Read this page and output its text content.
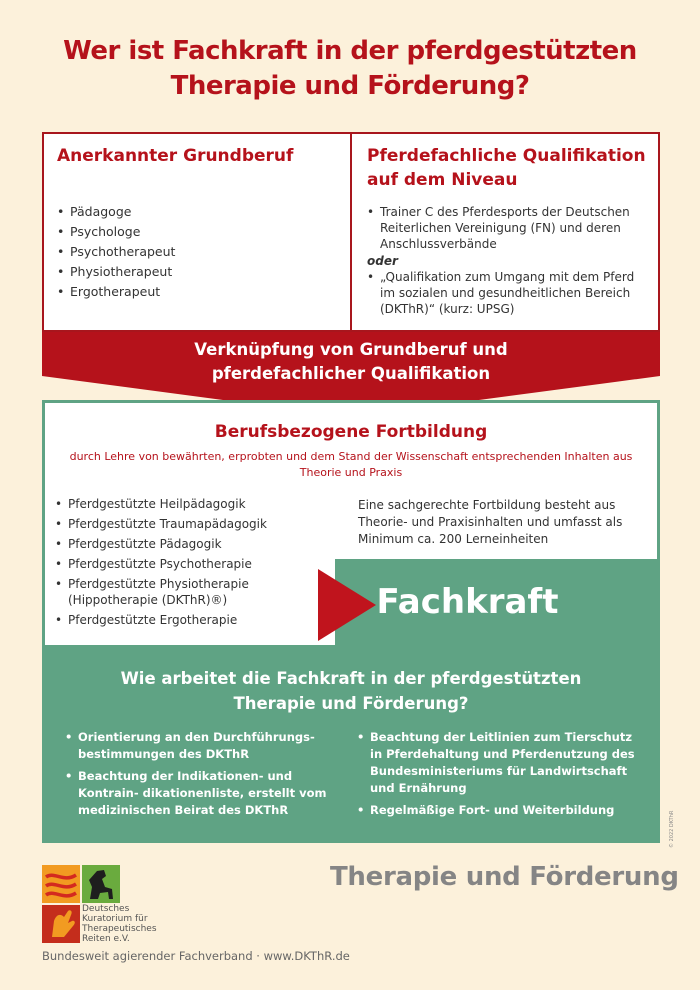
Wer ist Fachkraft in der pferdgestützten
Therapie und Förderung?
Anerkannter Grundberuf
• Pädagoge
• Psychologe
• Psychotherapeut
• Physiotherapeut
• Ergotherapeut
Pferdefachliche Qualifikation
auf dem Niveau
• Trainer C des Pferdesports der Deutschen Reiterlichen Vereinigung (FN) und deren Anschlussverbände
oder
• „Qualifikation zum Umgang mit dem Pferd im sozialen und gesundheitlichen Bereich (DKThR)“ (kurz: UPSG)
Verknüpfung von Grundberuf und
pferdefachlicher Qualifikation
Berufsbezogene Fortbildung
durch Lehre von bewährten, erprobten und dem Stand der Wissenschaft entsprechenden Inhalten aus Theorie und Praxis
• Pferdgestützte Heilpädagogik
• Pferdgestützte Traumapädagogik
• Pferdgestützte Pädagogik
• Pferdgestützte Psychotherapie
• Pferdgestützte Physiotherapie (Hippotherapie (DKThR)®)
• Pferdgestützte Ergotherapie
Eine sachgerechte Fortbildung besteht aus Theorie- und Praxisinhalten und umfasst als Minimum ca. 200 Lerneinheiten
Fachkraft
Wie arbeitet die Fachkraft in der pferdgestützten
Therapie und Förderung?
• Orientierung an den Durchführungs- bestimmungen des DKThR
• Beachtung der Indikationen- und Kontrain- dikationenliste, erstellt vom medizinischen Beirat des DKThR
• Beachtung der Leitlinien zum Tierschutz in Pferdehaltung und Pferdenutzung des Bundesministeriums für Landwirtschaft und Ernährung
• Regelmäßige Fort- und Weiterbildung
© 2022 DKThR
Therapie und Förderung
Deutsches
Kuratorium für
Therapeutisches
Reiten e.V.
Bundesweit agierender Fachverband · www.DKThR.de
